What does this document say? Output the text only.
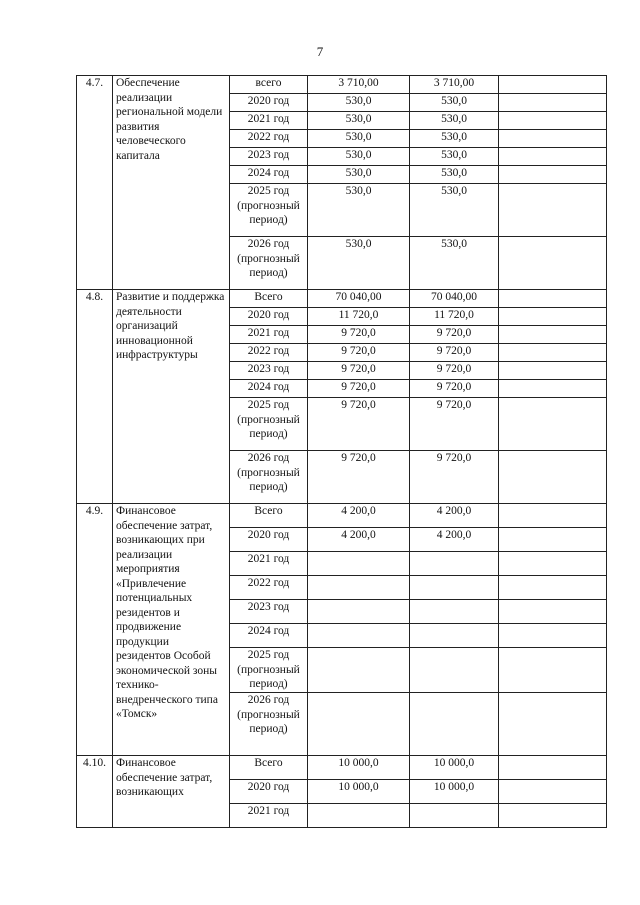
7
4.7.	Обеспечение реализации региональной модели развития человеческого капитала	всего	3 710,00	3 710,00	
		2020 год	530,0	530,0	
		2021 год	530,0	530,0	
		2022 год	530,0	530,0	
		2023 год	530,0	530,0	
		2024 год	530,0	530,0	
		2025 год (прогнозный период)	530,0	530,0	
		2026 год (прогнозный период)	530,0	530,0	
4.8.	Развитие и поддержка деятельности организаций инновационной инфраструктуры	Всего	70 040,00	70 040,00	
		2020 год	11 720,0	11 720,0	
		2021 год	9 720,0	9 720,0	
		2022 год	9 720,0	9 720,0	
		2023 год	9 720,0	9 720,0	
		2024 год	9 720,0	9 720,0	
		2025 год (прогнозный период)	9 720,0	9 720,0	
		2026 год (прогнозный период)	9 720,0	9 720,0	
4.9.	Финансовое обеспечение затрат, возникающих при реализации мероприятия «Привлечение потенциальных резидентов и продвижение продукции резидентов Особой экономической зоны технико-внедренческого типа «Томск»	Всего	4 200,0	4 200,0	
		2020 год	4 200,0	4 200,0	
		2021 год			
		2022 год			
		2023 год			
		2024 год			
		2025 год (прогнозный период)			
		2026 год (прогнозный период)			
4.10.	Финансовое обеспечение затрат, возникающих	Всего	10 000,0	10 000,0	
		2020 год	10 000,0	10 000,0	
		2021 год			
